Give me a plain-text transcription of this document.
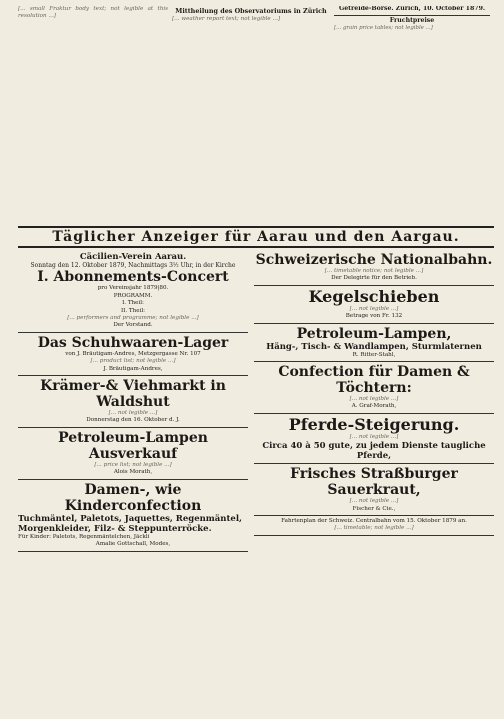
[... small Fraktur body text; not legible at this resolution ...]

Mittheilung des Observatoriums in Zürich

[... weather report text; not legible ...]

Getreide-Börse. Zürich, 10. October 1879.
Fruchtpreise

[... grain price tables; not legible ...]

Täglicher Anzeiger für Aarau und den Aargau.
Cäcilien-Verein Aarau.
Sonntag den 12. Oktober 1879, Nachmittags 3½ Uhr, in der Kirche
I. Abonnements-Concert
pro Vereinsjahr 1879|80.
PROGRAMM.
I. Theil:
II. Theil:
[... performers and programme; not legible ...]
Der Vorstand.
Das Schuhwaaren-Lager
von J. Bräutigam-Andres, Metzgergasse Nr. 107
[... product list; not legible ...]
J. Bräutigam-Andres,
Krämer-& Viehmarkt in Waldshut
[... not legible ...]
Donnerstag den 16. Oktober d. J.
Petroleum-Lampen Ausverkauf
[... price list; not legible ...]
Alois Morath,
Damen-, wie Kinderconfection
Tuchmäntel, Paletots, Jaquettes, Regenmäntel, Morgenkleider, Filz- & Steppunterröcke.
Für Kinder: Paletots, Regenmäntelchen, Jäckli
Amalie Gottschall, Modes,
Schweizerische Nationalbahn.
[... timetable notice; not legible ...]
Der Delegirte für den Betrieb.
Kegelschieben
[... not legible ...]
Betrage von Fr. 132
Petroleum-Lampen,
Häng-, Tisch- & Wandlampen, Sturmlaternen
R. Ritter-Stahl,
Confection für Damen & Töchtern:
[... not legible ...]
A. Graf-Morath,
Pferde-Steigerung.
[... not legible ...]
Circa 40 à 50 gute, zu jedem Dienste taugliche Pferde,
Frisches Straßburger Sauerkraut,
[... not legible ...]
Fischer & Cie.,
Fahrtenplan der Schweiz. Centralbahn vom 15. Oktober 1879 an.
[... timetable; not legible ...]
